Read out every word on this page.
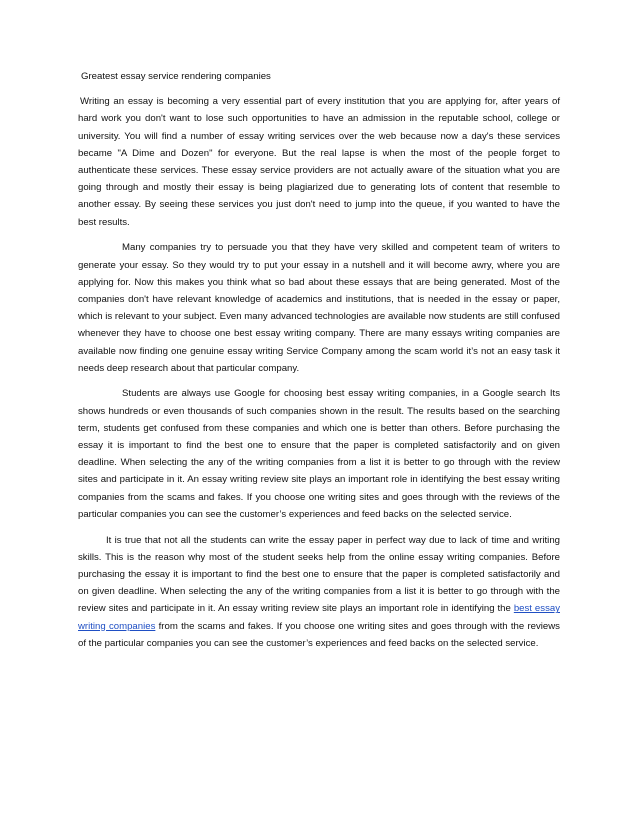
Greatest essay service rendering companies

Writing an essay is becoming a very essential part of every institution that you are applying for, after years of hard work you don't want to lose such opportunities to have an admission in the reputable school, college or university. You will find a number of essay writing services over the web because now a day's these services became "A Dime and Dozen" for everyone. But the real lapse is when the most of the people forget to authenticate these services. These essay service providers are not actually aware of the situation what you are going through and mostly their essay is being plagiarized due to generating lots of content that resemble to another essay. By seeing these services you just don't need to jump into the queue, if you wanted to have the best results.

Many companies try to persuade you that they have very skilled and competent team of writers to generate your essay. So they would try to put your essay in a nutshell and it will become awry, where you are applying for. Now this makes you think what so bad about these essays that are being generated. Most of the companies don't have relevant knowledge of academics and institutions, that is needed in the essay or paper, which is relevant to your subject. Even many advanced technologies are available now students are still confused whenever they have to choose one best essay writing company. There are many essays writing companies are available now finding one genuine essay writing Service Company among the scam world it’s not an easy task it needs deep research about that particular company.

Students are always use Google for choosing best essay writing companies, in a Google search Its shows hundreds or even thousands of such companies shown in the result. The results based on the searching term, students get confused from these companies and which one is better than others. Before purchasing the essay it is important to find the best one to ensure that the paper is completed satisfactorily and on given deadline. When selecting the any of the writing companies from a list it is better to go through with the review sites and participate in it. An essay writing review site plays an important role in identifying the best essay writing companies from the scams and fakes. If you choose one writing sites and goes through with the reviews of the particular companies you can see the customer’s experiences and feed backs on the selected service.

It is true that not all the students can write the essay paper in perfect way due to lack of time and writing skills. This is the reason why most of the student seeks help from the online essay writing companies. Before purchasing the essay it is important to find the best one to ensure that the paper is completed satisfactorily and on given deadline. When selecting the any of the writing companies from a list it is better to go through with the review sites and participate in it. An essay writing review site plays an important role in identifying the best essay writing companies from the scams and fakes. If you choose one writing sites and goes through with the reviews of the particular companies you can see the customer’s experiences and feed backs on the selected service.
